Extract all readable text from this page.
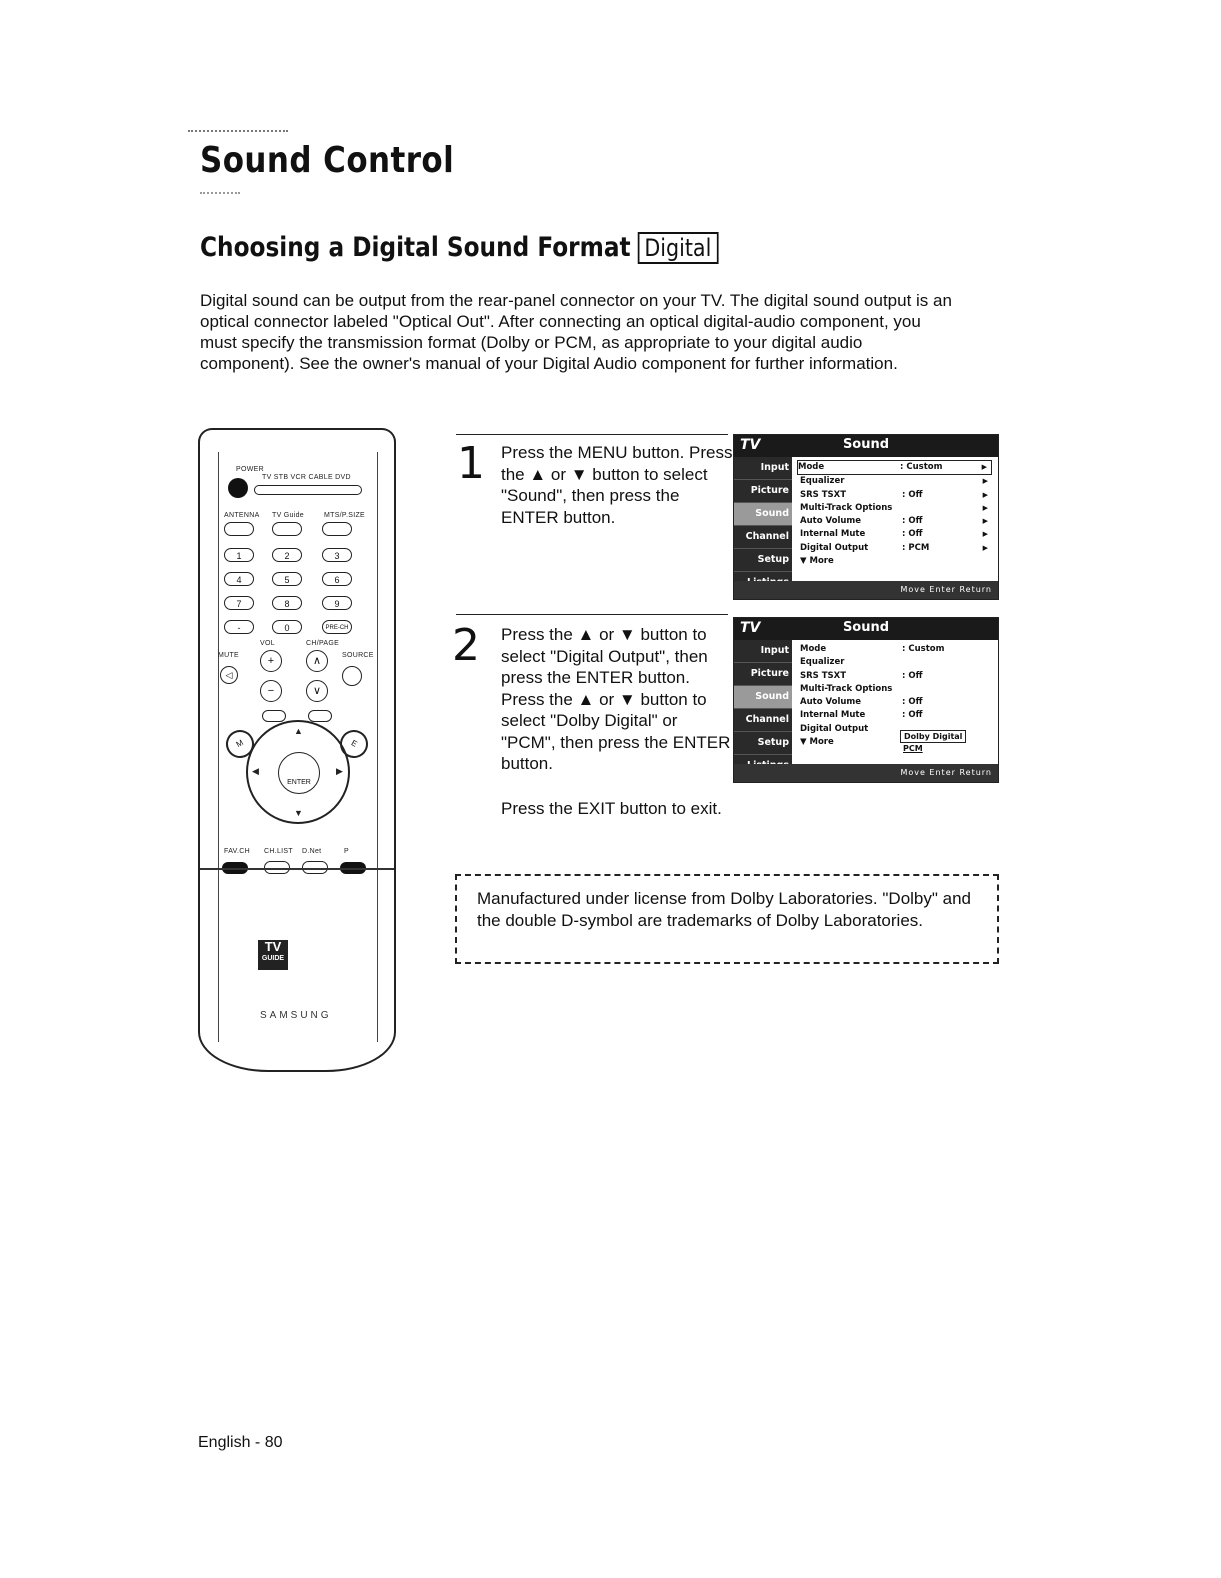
Sound Control
Choosing a Digital Sound Format Digital

Digital sound can be output from the rear-panel connector on your TV. The digital sound output is an optical connector labeled "Optical Out". After connecting an optical digital-audio component, you must specify the transmission format (Dolby or PCM, as appropriate to your digital audio component). See the owner's manual of your Digital Audio component for further information.

POWER
TV STB VCR CABLE DVD
ANTENNA TV Guide	MTS/P.SIZE
1	2	3
4	5	6
7	8	9
-	0	PRE-CH
VOL	CH/PAGE
MUTE	SOURCE
+	∧
◁
−	∨
M	E
▲
▼
◀	▶
ENTER
FAV.CH CH.LIST D.Net	P
TV
GUIDE
SAMSUNG
1 Press the MENU button. Press the ▲ or ▼ button to select "Sound", then press the ENTER button.

TV	Sound
Input
Picture
Sound
Channel
Setup
Mode	: Custom	▶
Equalizer	▶
SRS TSXT	: Off	▶
Multi-Track Options	▶
Auto Volume	: Off	▶
Internal Mute	: Off	▶
Digital Output	: PCM	▶
▼ More
Move Enter Return
2 Press the ▲ or ▼ button to select "Digital Output", then press the ENTER button. Press the ▲ or ▼ button to select "Dolby Digital" or "PCM", then press the ENTER button.

TV	Sound
Input
Picture
Sound
Channel
Setup
Mode	: Custom
Equalizer
SRS TSXT	: Off
Multi-Track Options
Auto Volume	: Off
Internal Mute	: Off
Digital Output
▼ More
Dolby Digital
PCM
Move Enter Return

Press the EXIT button to exit.

Manufactured under license from Dolby Laboratories. "Dolby" and the double D-symbol are trademarks of Dolby Laboratories.

English - 80
